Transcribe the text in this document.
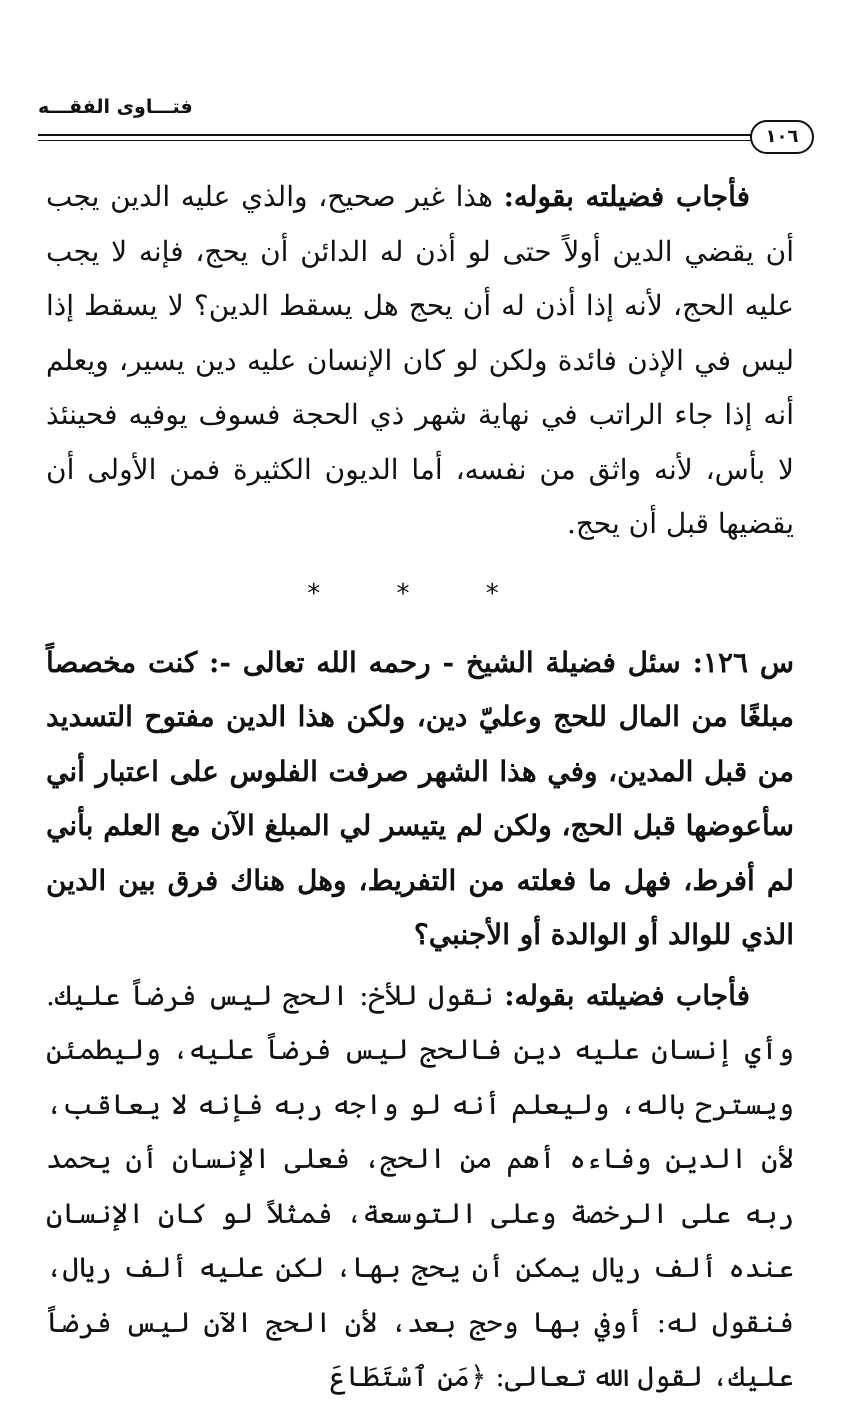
فتـــاوى الفقـــه
١٠٦

فأجاب فضيلته بقوله: هذا غير صحيح، والذي عليه الدين يجب أن يقضي الدين أولاً حتى لو أذن له الدائن أن يحج، فإنه لا يجب عليه الحج، لأنه إذا أذن له أن يحج هل يسقط الدين؟ لا يسقط إذا ليس في الإذن فائدة ولكن لو كان الإنسان عليه دين يسير، ويعلم أنه إذا جاء الراتب في نهاية شهر ذي الحجة فسوف يوفيه فحينئذ لا بأس، لأنه واثق من نفسه، أما الديون الكثيرة فمن الأولى أن يقضيها قبل أن يحج.

* * *

س ١٢٦: سئل فضيلة الشيخ - رحمه الله تعالى -: كنت مخصصاً مبلغًا من المال للحج وعليّ دين، ولكن هذا الدين مفتوح التسديد من قبل المدين، وفي هذا الشهر صرفت الفلوس على اعتبار أني سأعوضها قبل الحج، ولكن لم يتيسر لي المبلغ الآن مع العلم بأني لم أفرط، فهل ما فعلته من التفريط، وهل هناك فرق بين الدين الذي للوالد أو الوالدة أو الأجنبي؟

فأجاب فضيلته بقوله: نقول للأخ: الحج ليس فرضاً عليك. وأي إنسان عليه دين فالحج ليس فرضاً عليه، وليطمئن ويسترح باله، وليعلم أنه لو واجه ربه فإنه لا يعاقب، لأن الدين وفاءه أهم من الحج، فعلى الإنسان أن يحمد ربه على الرخصة وعلى التوسعة، فمثلاً لو كان الإنسان عنده ألف ريال يمكن أن يحج بها، لكن عليه ألف ريال، فنقول له: أوفي بها وحج بعد، لأن الحج الآن ليس فرضاً عليك، لقول الله تعالى: ﴿مَنِ ٱسْتَطَاعَ
